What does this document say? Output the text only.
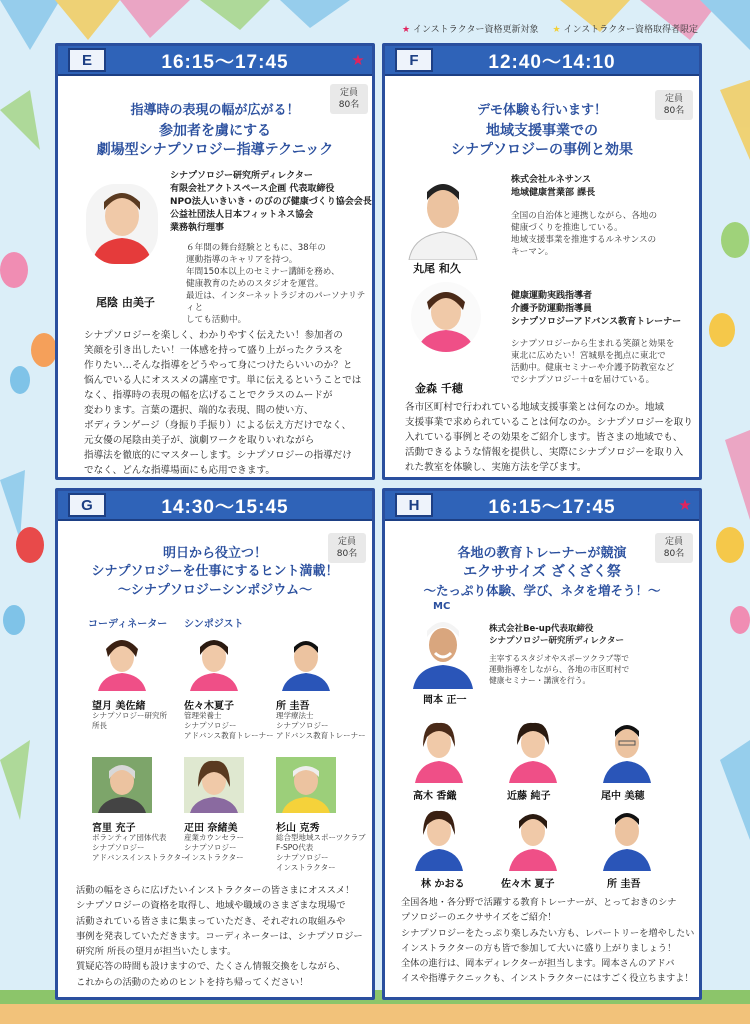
★ インストラクター資格更新対象 ★ インストラクター資格取得者限定
E	16:15〜17:45	★
定員
80名
指導時の表現の幅が広がる！
参加者を虜にする
劇場型シナプソロジー指導テクニック
尾陰 由美子
シナプソロジー研究所ディレクター
有限会社アクトスペース企画 代表取締役
NPO法人いきいき・のびのび健康づくり協会会長
公益社団法人日本フィットネス協会
業務執行理事
６年間の舞台経験とともに、38年の
運動指導のキャリアを持つ。
年間150本以上のセミナー講師を務め、
健康教育のためのスタジオを運営。
最近は、インターネットラジオのパーソナリティと
しても活動中。
シナプソロジーを楽しく、わかりやすく伝えたい！参加者の
笑顔を引き出したい！一体感を持って盛り上がったクラスを
作りたい…そんな指導をどうやって身につけたらいいのか？と
悩んでいる人にオススメの講座です。単に伝えるということでは
なく、指導時の表現の幅を広げることでクラスのムードが
変わります。言葉の選択、端的な表現、間の使い方、
ボディランゲージ（身振り手振り）による伝え方だけでなく、
元女優の尾陰由美子が、演劇ワークを取りいれながら
指導法を徹底的にマスターします。シナプソロジーの指導だけ
でなく、どんな指導場面にも応用できます。
F	12:40〜14:10
定員
80名
デモ体験も行います！
地域支援事業での
シナプソロジーの事例と効果
丸尾 和久
株式会社ルネサンス
地域健康営業部 課長
全国の自治体と連携しながら、各地の
健康づくりを推進している。
地域支援事業を推進するルネサンスの
キーマン。
金森 千穂
健康運動実践指導者
介護予防運動指導員
シナプソロジーアドバンス教育トレーナー
シナプソロジーから生まれる笑顔と効果を
東北に広めたい！宮城県を拠点に東北で
活動中。健康セミナーや介護予防教室など
でシナプソロジー＋αを届けている。
各市区町村で行われている地域支援事業とは何なのか。地域
支援事業で求められていることは何なのか。シナプソロジーを取り
入れている事例とその効果をご紹介します。皆さまの地域でも、
活動できるような情報を提供し、実際にシナプソロジーを取り入
れた教室を体験し、実施方法を学びます。
G	14:30〜15:45
定員
80名
明日から役立つ！
シナプソロジーを仕事にするヒント満載！
〜シナプソロジーシンポジウム〜
コーディネーター シンポジスト
望月 美佐緒
シナプソロジー研究所
所長
佐々木夏子
管理栄養士
シナプソロジー
アドバンス教育トレーナー
所 圭吾
理学療法士
シナプソロジー
アドバンス教育トレーナー
宮里 充子
ボランティア団体代表
シナプソロジー
アドバンスインストラクター
疋田 奈緒美
産業カウンセラー
シナプソロジー
インストラクター
杉山 克秀
総合型地域スポーツクラブ
F-SPO代表
シナプソロジー
インストラクター
活動の幅をさらに広げたいインストラクターの皆さまにオススメ！
シナプソロジーの資格を取得し、地域や職域のさまざまな現場で
活動されている皆さまに集まっていただき、それぞれの取組みや
事例を発表していただきます。コーディネーターは、シナプソロジー
研究所 所長の望月が担当いたします。
質疑応答の時間も設けますので、たくさん情報交換をしながら、
これからの活動のためのヒントを持ち帰ってください！
H	16:15〜17:45	★
定員
80名
各地の教育トレーナーが競演
エクササイズ ざくざく祭
〜たっぷり体験、学び、ネタを増そう！〜
MC
岡本 正一
株式会社Be-up代表取締役
シナプソロジー研究所ディレクター
主宰するスタジオやスポーツクラブ等で
運動指導をしながら、各地の市区町村で
健康セミナー・講演を行う。
高木 香織	近藤 純子	尾中 美穂
林 かおる	佐々木 夏子	所 圭吾
全国各地・各分野で活躍する教育トレーナーが、とっておきのシナ
プソロジーのエクササイズをご紹介！
シナプソロジーをたっぷり楽しみたい方も、レパートリーを増やしたい
インストラクターの方も皆で参加して大いに盛り上がりましょう！
全体の進行は、岡本ディレクターが担当します。岡本さんのアドバ
イスや指導テクニックも、インストラクターにはすごく役立ちますよ！
